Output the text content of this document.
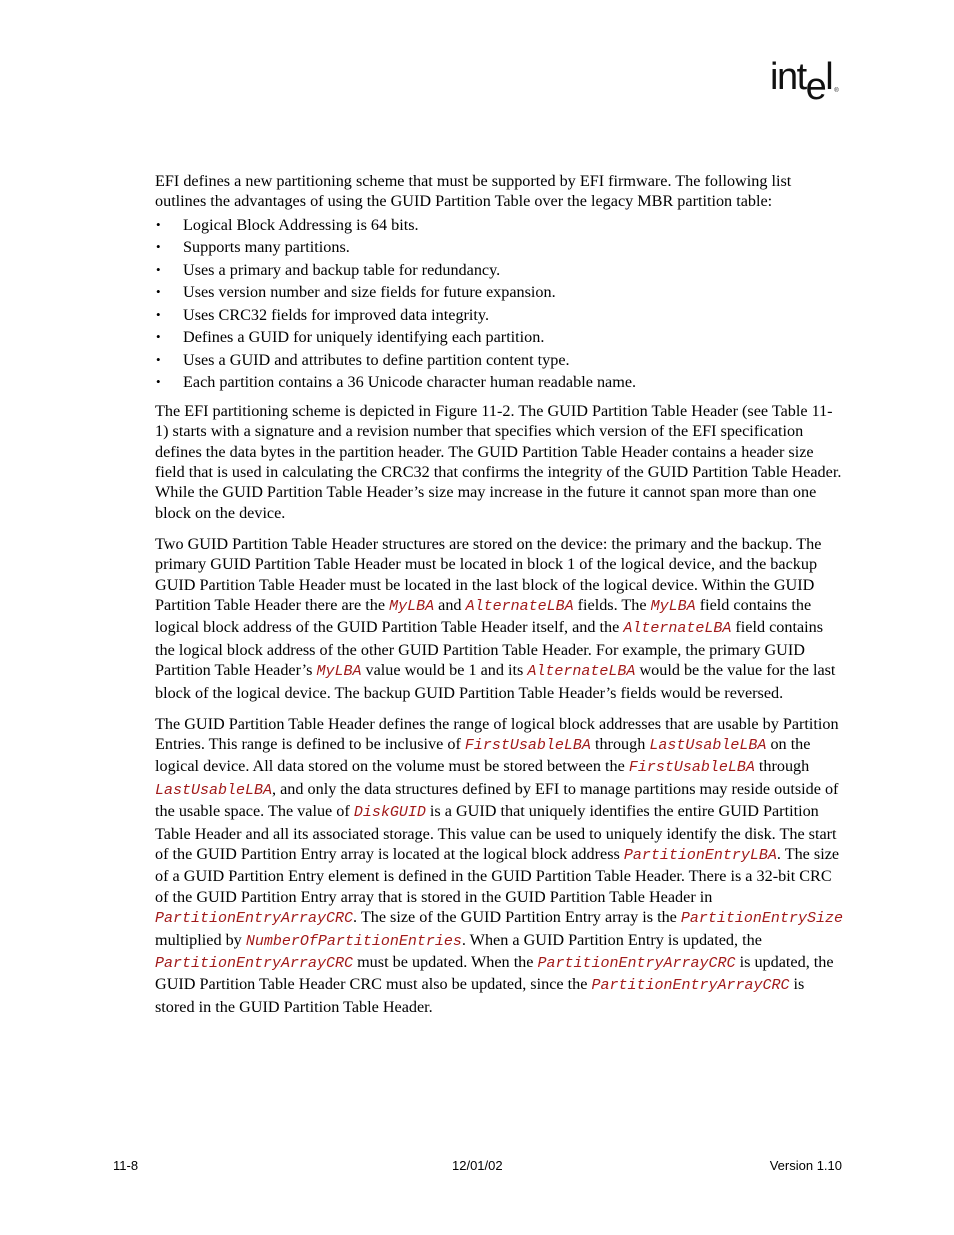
intel ®

EFI defines a new partitioning scheme that must be supported by EFI firmware. The following list outlines the advantages of using the GUID Partition Table over the legacy MBR partition table:

• Logical Block Addressing is 64 bits.
• Supports many partitions.
• Uses a primary and backup table for redundancy.
• Uses version number and size fields for future expansion.
• Uses CRC32 fields for improved data integrity.
• Defines a GUID for uniquely identifying each partition.
• Uses a GUID and attributes to define partition content type.
• Each partition contains a 36 Unicode character human readable name.

The EFI partitioning scheme is depicted in Figure 11-2. The GUID Partition Table Header (see Table 11-1) starts with a signature and a revision number that specifies which version of the EFI specification defines the data bytes in the partition header. The GUID Partition Table Header contains a header size field that is used in calculating the CRC32 that confirms the integrity of the GUID Partition Table Header. While the GUID Partition Table Header’s size may increase in the future it cannot span more than one block on the device.

Two GUID Partition Table Header structures are stored on the device: the primary and the backup. The primary GUID Partition Table Header must be located in block 1 of the logical device, and the backup GUID Partition Table Header must be located in the last block of the logical device. Within the GUID Partition Table Header there are the MyLBA and AlternateLBA fields. The MyLBA field contains the logical block address of the GUID Partition Table Header itself, and the AlternateLBA field contains the logical block address of the other GUID Partition Table Header. For example, the primary GUID Partition Table Header’s MyLBA value would be 1 and its AlternateLBA would be the value for the last block of the logical device. The backup GUID Partition Table Header’s fields would be reversed.

The GUID Partition Table Header defines the range of logical block addresses that are usable by Partition Entries. This range is defined to be inclusive of FirstUsableLBA through LastUsableLBA on the logical device. All data stored on the volume must be stored between the FirstUsableLBA through LastUsableLBA, and only the data structures defined by EFI to manage partitions may reside outside of the usable space. The value of DiskGUID is a GUID that uniquely identifies the entire GUID Partition Table Header and all its associated storage. This value can be used to uniquely identify the disk. The start of the GUID Partition Entry array is located at the logical block address PartitionEntryLBA. The size of a GUID Partition Entry element is defined in the GUID Partition Table Header. There is a 32-bit CRC of the GUID Partition Entry array that is stored in the GUID Partition Table Header in PartitionEntryArrayCRC. The size of the GUID Partition Entry array is the PartitionEntrySize multiplied by NumberOfPartitionEntries. When a GUID Partition Entry is updated, the PartitionEntryArrayCRC must be updated. When the PartitionEntryArrayCRC is updated, the GUID Partition Table Header CRC must also be updated, since the PartitionEntryArrayCRC is stored in the GUID Partition Table Header.

11-8	12/01/02	Version 1.10
